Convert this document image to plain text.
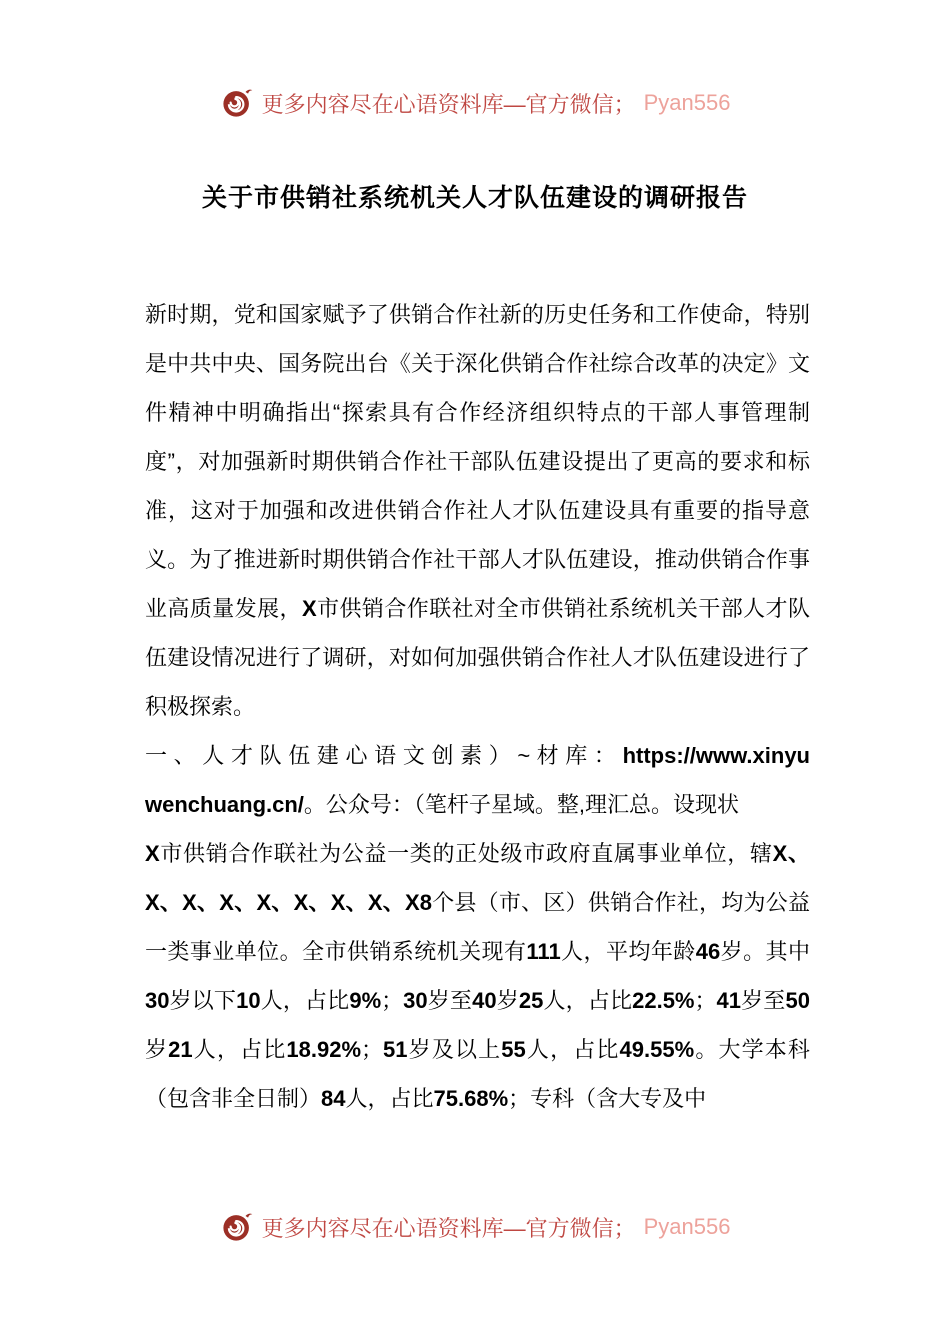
更多内容尽在心语资料库—官方微信； Pyan556
关于市供销社系统机关人才队伍建设的调研报告

新时期，党和国家赋予了供销合作社新的历史任务和工作使命，特别是中共中央、国务院出台《关于深化供销合作社综合改革的决定》文件精神中明确指出“探索具有合作经济组织特点的干部人事管理制度”，对加强新时期供销合作社干部队伍建设提出了更高的要求和标准，这对于加强和改进供销合作社人才队伍建设具有重要的指导意义。为了推进新时期供销合作社干部人才队伍建设，推动供销合作事业高质量发展，X市供销合作联社对全市供销社系统机关干部人才队伍建设情况进行了调研，对如何加强供销合作社人才队伍建设进行了积极探索。

一 、 人 才 队 伍 建 心 语 文 创 素 ） ~ 材 库 ： https://www.xinyuwenchuang.cn/。公众号：（笔杆子星域。整,理汇总。设现状

X市供销合作联社为公益一类的正处级市政府直属事业单位，辖X、X、X、X、X、X、X、X、X8个县（市、区）供销合作社，均为公益一类事业单位。全市供销系统机关现有111人，平均年龄46岁。其中30岁以下10人，占比9%；30岁至40岁25人，占比22.5%；41岁至50岁21人，占比18.92%；51岁及以上55人，占比49.55%。大学本科（包含非全日制）84人，占比75.68%；专科（含大专及中

更多内容尽在心语资料库—官方微信； Pyan556
